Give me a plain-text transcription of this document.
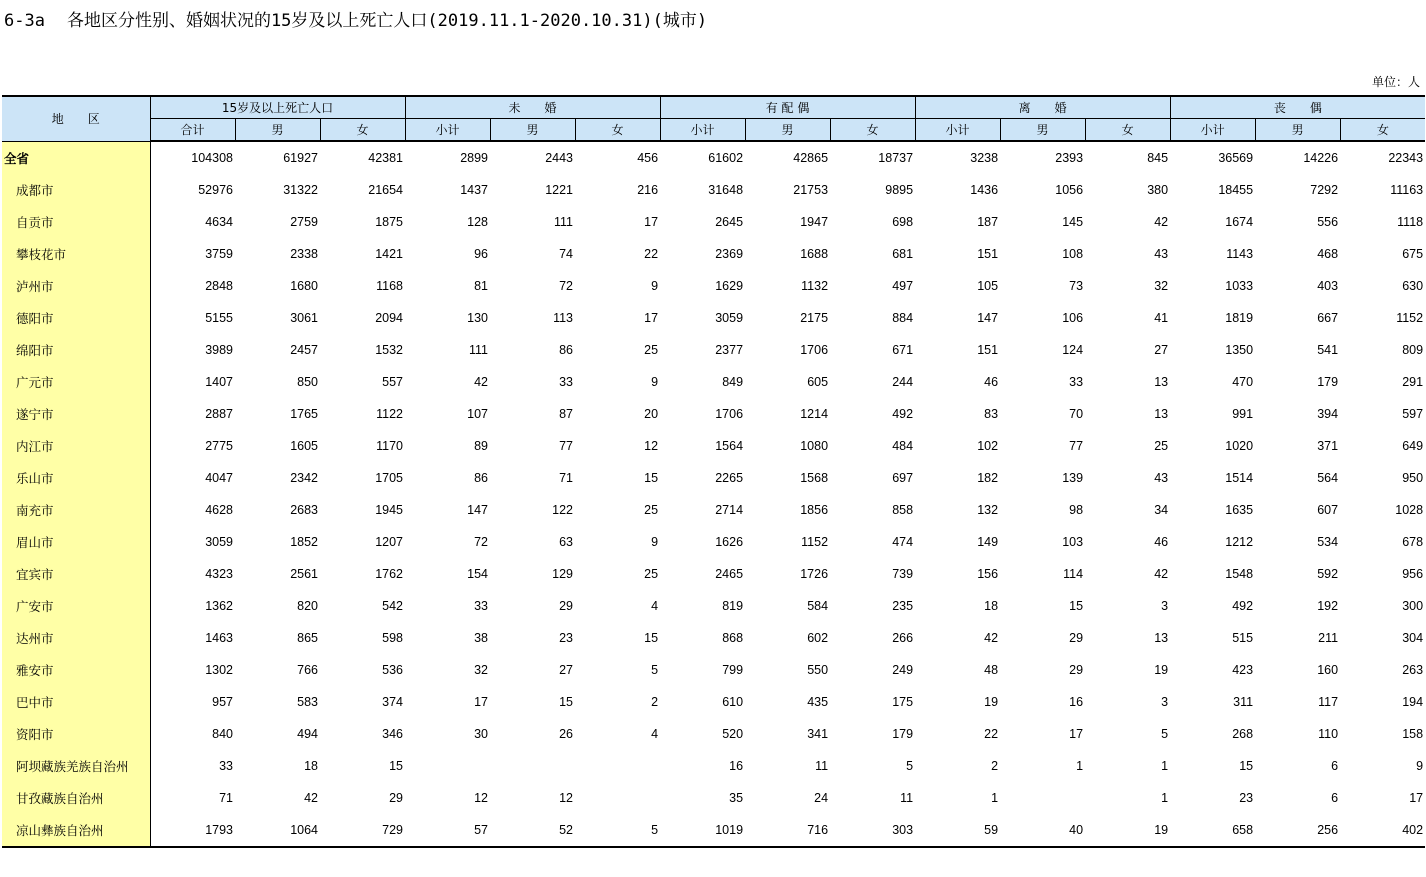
6-3a 各地区分性别、婚姻状况的15岁及以上死亡人口(2019.11.1-2020.10.31)(城市)
单位：人
地　　区	15岁及以上死亡人口			未　　婚			有 配 偶			离　　婚			丧　　偶		
	合计	男	女	小计	男	女	小计	男	女	小计	男	女	小计	男	女
全省	104308	61927	42381	2899	2443	456	61602	42865	18737	3238	2393	845	36569	14226	22343
成都市	52976	31322	21654	1437	1221	216	31648	21753	9895	1436	1056	380	18455	7292	11163
自贡市	4634	2759	1875	128	111	17	2645	1947	698	187	145	42	1674	556	1118
攀枝花市	3759	2338	1421	96	74	22	2369	1688	681	151	108	43	1143	468	675
泸州市	2848	1680	1168	81	72	9	1629	1132	497	105	73	32	1033	403	630
德阳市	5155	3061	2094	130	113	17	3059	2175	884	147	106	41	1819	667	1152
绵阳市	3989	2457	1532	111	86	25	2377	1706	671	151	124	27	1350	541	809
广元市	1407	850	557	42	33	9	849	605	244	46	33	13	470	179	291
遂宁市	2887	1765	1122	107	87	20	1706	1214	492	83	70	13	991	394	597
内江市	2775	1605	1170	89	77	12	1564	1080	484	102	77	25	1020	371	649
乐山市	4047	2342	1705	86	71	15	2265	1568	697	182	139	43	1514	564	950
南充市	4628	2683	1945	147	122	25	2714	1856	858	132	98	34	1635	607	1028
眉山市	3059	1852	1207	72	63	9	1626	1152	474	149	103	46	1212	534	678
宜宾市	4323	2561	1762	154	129	25	2465	1726	739	156	114	42	1548	592	956
广安市	1362	820	542	33	29	4	819	584	235	18	15	3	492	192	300
达州市	1463	865	598	38	23	15	868	602	266	42	29	13	515	211	304
雅安市	1302	766	536	32	27	5	799	550	249	48	29	19	423	160	263
巴中市	957	583	374	17	15	2	610	435	175	19	16	3	311	117	194
资阳市	840	494	346	30	26	4	520	341	179	22	17	5	268	110	158
阿坝藏族羌族自治州	33	18	15				16	11	5	2	1	1	15	6	9
甘孜藏族自治州	71	42	29	12	12		35	24	11	1		1	23	6	17
凉山彝族自治州	1793	1064	729	57	52	5	1019	716	303	59	40	19	658	256	402
